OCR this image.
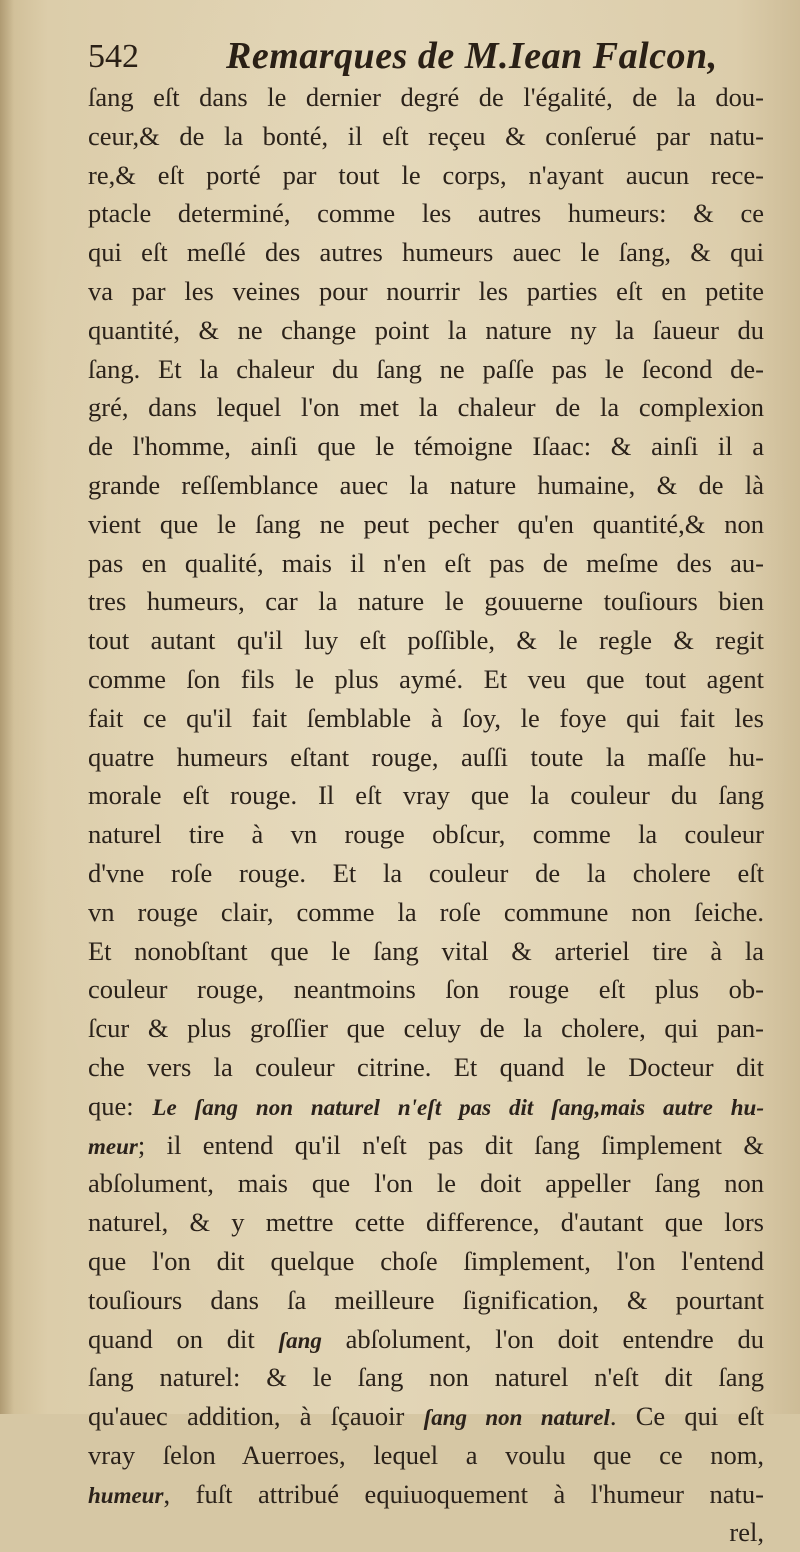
542 Remarques de M.Iean Falcon,
ſang eſt dans le dernier degré de l'égalité, de la dou-
ceur,& de la bonté, il eſt reçeu & conſerué par natu-
re,& eſt porté par tout le corps, n'ayant aucun rece-
ptacle determiné, comme les autres humeurs: & ce
qui eſt meſlé des autres humeurs auec le ſang, & qui
va par les veines pour nourrir les parties eſt en petite
quantité, & ne change point la nature ny la ſaueur du
ſang. Et la chaleur du ſang ne paſſe pas le ſecond de-
gré, dans lequel l'on met la chaleur de la complexion
de l'homme, ainſi que le témoigne Iſaac: & ainſi il a
grande reſſemblance auec la nature humaine, & de là
vient que le ſang ne peut pecher qu'en quantité,& non
pas en qualité, mais il n'en eſt pas de meſme des au-
tres humeurs, car la nature le gouuerne touſiours bien
tout autant qu'il luy eſt poſſible, & le regle & regit
comme ſon fils le plus aymé. Et veu que tout agent
fait ce qu'il fait ſemblable à ſoy, le foye qui fait les
quatre humeurs eſtant rouge, auſſi toute la maſſe hu-
morale eſt rouge. Il eſt vray que la couleur du ſang
naturel tire à vn rouge obſcur, comme la couleur
d'vne roſe rouge. Et la couleur de la cholere eſt
vn rouge clair, comme la roſe commune non ſeiche.
Et nonobſtant que le ſang vital & arteriel tire à la
couleur rouge, neantmoins ſon rouge eſt plus ob-
ſcur & plus groſſier que celuy de la cholere, qui pan-
che vers la couleur citrine. Et quand le Docteur dit
que: Le ſang non naturel n'eſt pas dit ſang,mais autre hu-
meur; il entend qu'il n'eſt pas dit ſang ſimplement &
abſolument, mais que l'on le doit appeller ſang non
naturel, & y mettre cette difference, d'autant que lors
que l'on dit quelque choſe ſimplement, l'on l'entend
touſiours dans ſa meilleure ſignification, & pourtant
quand on dit ſang abſolument, l'on doit entendre du
ſang naturel: & le ſang non naturel n'eſt dit ſang
qu'auec addition, à ſçauoir ſang non naturel. Ce qui eſt
vray ſelon Auerroes, lequel a voulu que ce nom,
humeur, fuſt attribué equiuoquement à l'humeur natu-
rel,
